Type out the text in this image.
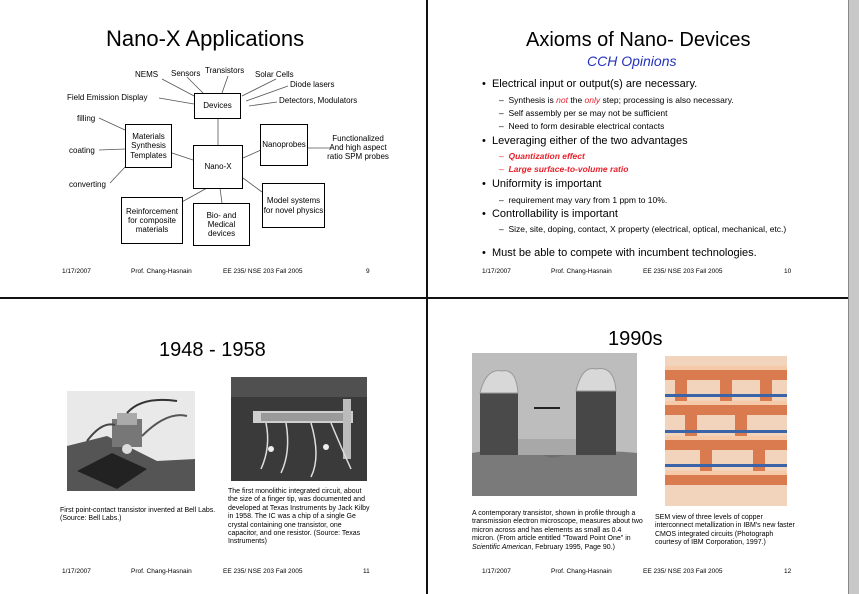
Nano-X Applications
NEMS Sensors Transistors Solar Cells
Diode lasers
Field Emission Display	Detectors, Modulators
filling
coating
converting
Functionalized And high aspect ratio SPM probes
Devices
Nano-X
Materials Synthesis Templates
Nanoprobes
Model systems for novel physics
Reinforcement for composite materials
Bio- and Medical devices
1/17/2007	Prof. Chang-Hasnain	EE 235/ NSE 203 Fall 2005	9
Axioms of Nano- Devices
CCH Opinions
•  Electrical input or output(s) are necessary.
–  Synthesis is not the only step; processing is also necessary.
–  Self assembly per se may not be sufficient
–  Need to form desirable electrical contacts
•  Leveraging either of the two advantages
–  Quantization effect
–  Large surface-to-volume ratio
•  Uniformity is important
–  requirement may vary from 1 ppm to 10%.
•  Controllability is important
–  Size, site, doping, contact, X property (electrical, optical, mechanical, etc.)
•  Must be able to compete with incumbent technologies.
1/17/2007	Prof. Chang-Hasnain	EE 235/ NSE 203 Fall 2005	10
1948 - 1958
First point-contact transistor invented at Bell Labs. (Source: Bell Labs.)
The first monolithic integrated circuit, about the size of a finger tip, was documented and developed at Texas Instruments by Jack Kilby in 1958. The IC was a chip of a single Ge crystal containing one transistor, one capacitor, and one resistor. (Source: Texas Instruments)
1/17/2007	Prof. Chang-Hasnain	EE 235/ NSE 203 Fall 2005	11
1990s
A contemporary transistor, shown in profile through a transmission electron microscope, measures about two micron across and has elements as small as 0.4 micron. (From article entitled "Toward Point One" in Scientific American, February 1995, Page 90.)
SEM view of three levels of copper interconnect metallization in IBM's new faster CMOS integrated circuits (Photograph courtesy of IBM Corporation, 1997.)
1/17/2007	Prof. Chang-Hasnain	EE 235/ NSE 203 Fall 2005	12
